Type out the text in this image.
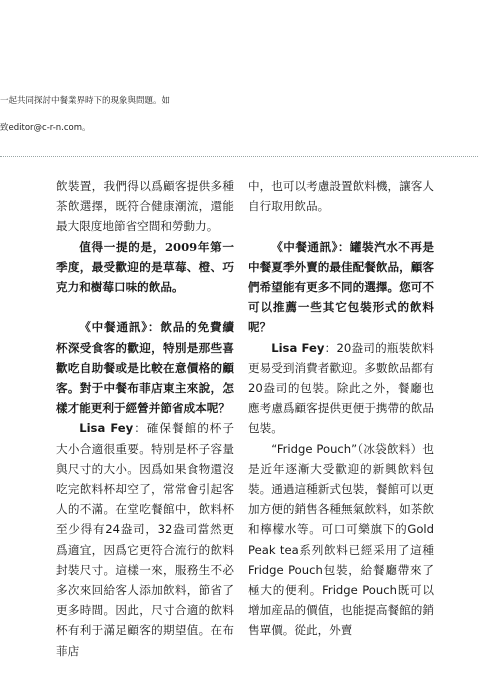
一起共同探討中餐業界時下的現象與問題。如
致editor@c-r-n.com。

飲裝置，我們得以爲顧客提供多種茶飲選擇，既符合健康潮流，還能最大限度地節省空間和勞動力。

值得一提的是，2009年第一季度，最受歡迎的是草莓、橙、巧克力和樹莓口味的飲品。

《中餐通訊》：飲品的免費續杯深受食客的歡迎，特別是那些喜歡吃自助餐或是比較在意價格的顧客。對于中餐布菲店東主來說，怎樣才能更利于經營并節省成本呢？

Lisa Fey：確保餐館的杯子大小合適很重要。特別是杯子容量與尺寸的大小。因爲如果食物還沒吃完飲料杯却空了，常常會引起客人的不滿。在堂吃餐館中，飲料杯至少得有24盎司，32盎司當然更爲適宜，因爲它更符合流行的飲料封裝尺寸。這樣一來，服務生不必多次來回給客人添加飲料，節省了更多時間。因此，尺寸合適的飲料杯有利于滿足顧客的期望值。在布菲店

中，也可以考慮設置飲料機，讓客人自行取用飲品。

《中餐通訊》：罐裝汽水不再是中餐夏季外賣的最佳配餐飲品，顧客們希望能有更多不同的選擇。您可不可以推薦一些其它包裝形式的飲料呢？

Lisa Fey：20盎司的瓶裝飲料更易受到消費者歡迎。多數飲品都有20盎司的包裝。除此之外，餐廳也應考慮爲顧客提供更便于携帶的飲品包裝。

“Fridge Pouch”（冰袋飲料）也是近年逐漸大受歡迎的新興飲料包裝。通過這種新式包裝，餐館可以更加方便的銷售各種無氣飲料，如茶飲和檸檬水等。可口可樂旗下的Gold Peak tea系列飲料已經采用了這種Fridge Pouch包裝，給餐廳帶來了極大的便利。Fridge Pouch既可以增加産品的價值，也能提高餐館的銷售單價。從此，外賣
